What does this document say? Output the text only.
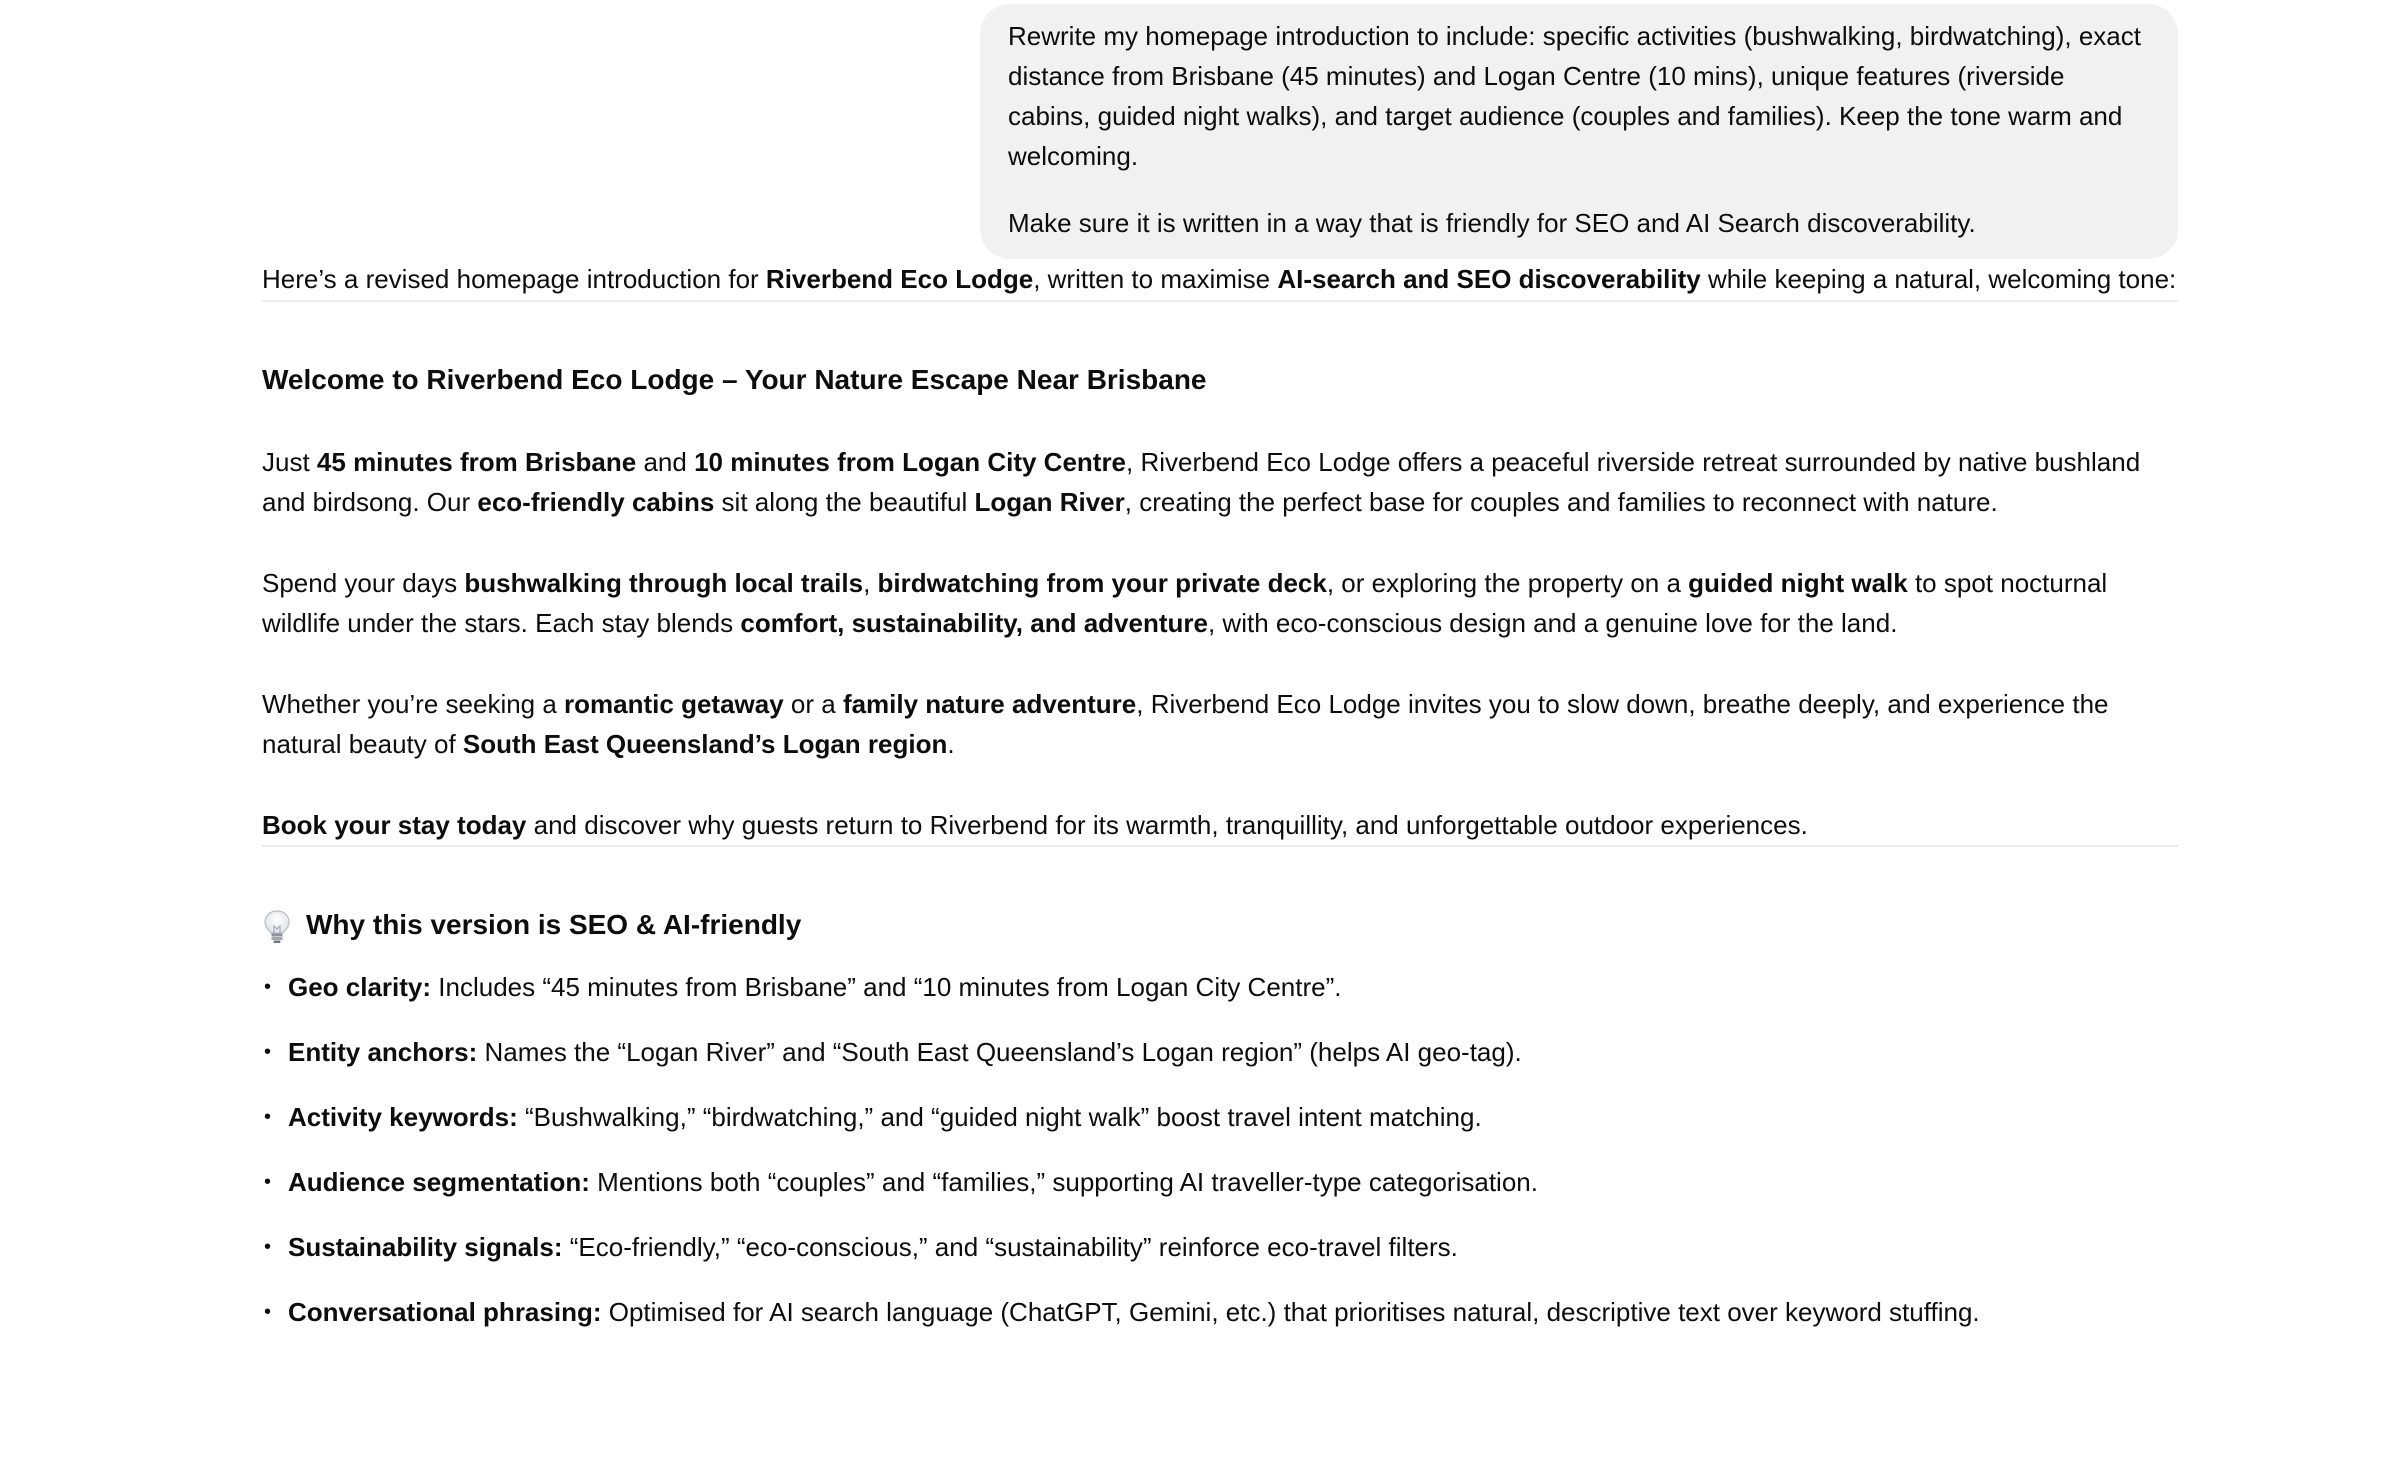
Rewrite my homepage introduction to include: specific activities (bushwalking, birdwatching), exact distance from Brisbane (45 minutes) and Logan Centre (10 mins), unique features (riverside cabins, guided night walks), and target audience (couples and families). Keep the tone warm and welcoming.

Make sure it is written in a way that is friendly for SEO and AI Search discoverability.

Here’s a revised homepage introduction for Riverbend Eco Lodge, written to maximise AI-search and SEO discoverability while keeping a natural, welcoming tone:

Welcome to Riverbend Eco Lodge – Your Nature Escape Near Brisbane

Just 45 minutes from Brisbane and 10 minutes from Logan City Centre, Riverbend Eco Lodge offers a peaceful riverside retreat surrounded by native bushland and birdsong. Our eco-friendly cabins sit along the beautiful Logan River, creating the perfect base for couples and families to reconnect with nature.

Spend your days bushwalking through local trails, birdwatching from your private deck, or exploring the property on a guided night walk to spot nocturnal wildlife under the stars. Each stay blends comfort, sustainability, and adventure, with eco-conscious design and a genuine love for the land.

Whether you’re seeking a romantic getaway or a family nature adventure, Riverbend Eco Lodge invites you to slow down, breathe deeply, and experience the natural beauty of South East Queensland’s Logan region.

Book your stay today and discover why guests return to Riverbend for its warmth, tranquillity, and unforgettable outdoor experiences.

Why this version is SEO & AI-friendly
• Geo clarity: Includes “45 minutes from Brisbane” and “10 minutes from Logan City Centre”.
• Entity anchors: Names the “Logan River” and “South East Queensland’s Logan region” (helps AI geo-tag).
• Activity keywords: “Bushwalking,” “birdwatching,” and “guided night walk” boost travel intent matching.
• Audience segmentation: Mentions both “couples” and “families,” supporting AI traveller-type categorisation.
• Sustainability signals: “Eco-friendly,” “eco-conscious,” and “sustainability” reinforce eco-travel filters.
• Conversational phrasing: Optimised for AI search language (ChatGPT, Gemini, etc.) that prioritises natural, descriptive text over keyword stuffing.
